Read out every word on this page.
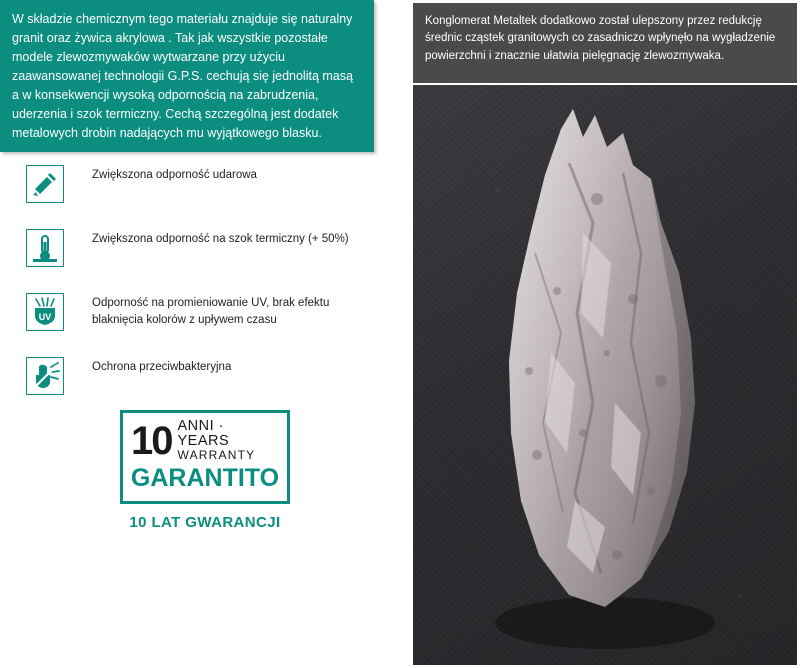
W składzie chemicznym tego materiału znajduje się naturalny granit oraz żywica akrylowa . Tak jak wszystkie pozostałe modele zlewozmywaków wytwarzane przy użyciu zaawansowanej technologii G.P.S. cechują się jednolitą masą a w konsekwencji wysoką odpornością na zabrudzenia, uderzenia i szok termiczny. Cechą szczególną jest dodatek metalowych drobin nadających mu wyjątkowego blasku.

Zwiększona odporność udarowa
Zwiększona odporność na szok termiczny (+ 50%)
UV
Odporność na promieniowanie UV, brak efektu blaknięcia kolorów z upływem czasu
Ochrona przeciwbakteryjna
10 ANNI · YEARS
WARRANTY
GARANTITO
10 LAT GWARANCJI

Konglomerat Metaltek dodatkowo został ulepszony przez redukcję średnic cząstek granitowych co zasadniczo wpłynęło na wygładzenie powierzchni i znacznie ułatwia pielęgnację zlewozmywaka.
